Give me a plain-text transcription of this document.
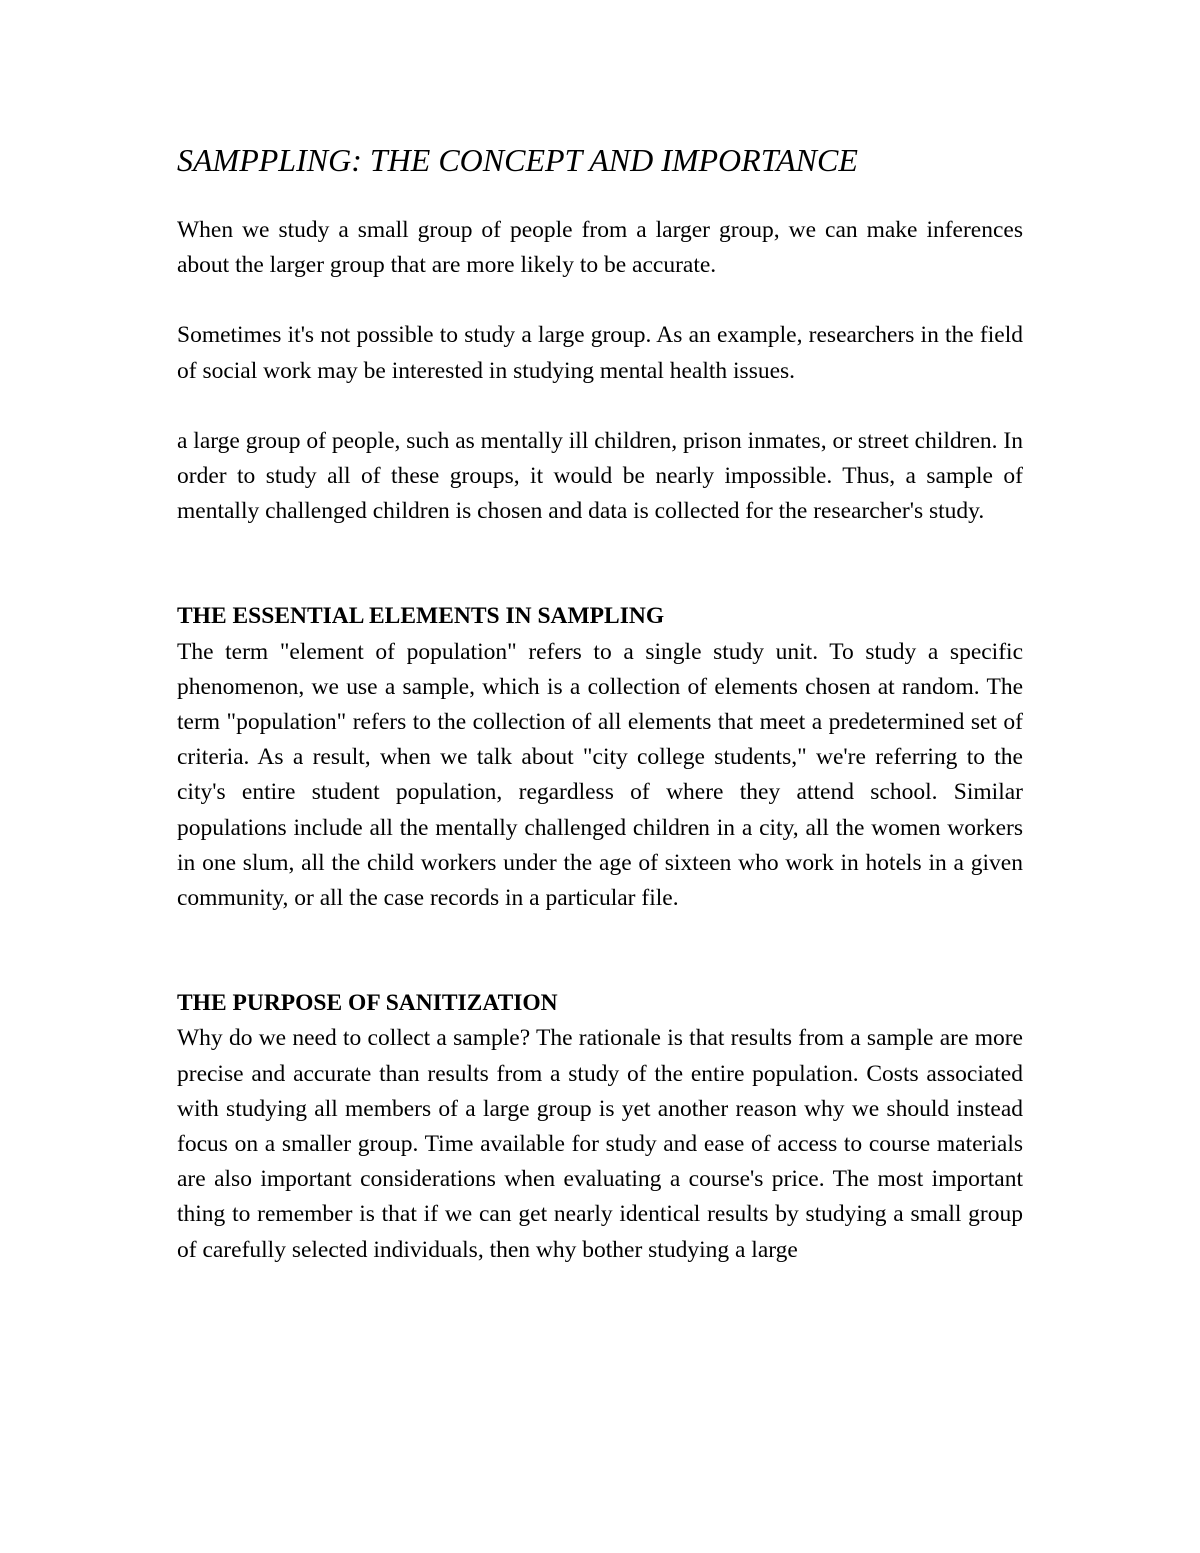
SAMPPLING: THE CONCEPT AND IMPORTANCE

When we study a small group of people from a larger group, we can make inferences about the larger group that are more likely to be accurate.

Sometimes it's not possible to study a large group. As an example, researchers in the field of social work may be interested in studying mental health issues.

a large group of people, such as mentally ill children, prison inmates, or street children. In order to study all of these groups, it would be nearly impossible. Thus, a sample of mentally challenged children is chosen and data is collected for the researcher's study.

THE ESSENTIAL ELEMENTS IN SAMPLING

The term "element of population" refers to a single study unit. To study a specific phenomenon, we use a sample, which is a collection of elements chosen at random. The term "population" refers to the collection of all elements that meet a predetermined set of criteria. As a result, when we talk about "city college students," we're referring to the city's entire student population, regardless of where they attend school. Similar populations include all the mentally challenged children in a city, all the women workers in one slum, all the child workers under the age of sixteen who work in hotels in a given community, or all the case records in a particular file.

THE PURPOSE OF SANITIZATION

Why do we need to collect a sample? The rationale is that results from a sample are more precise and accurate than results from a study of the entire population. Costs associated with studying all members of a large group is yet another reason why we should instead focus on a smaller group. Time available for study and ease of access to course materials are also important considerations when evaluating a course's price. The most important thing to remember is that if we can get nearly identical results by studying a small group of carefully selected individuals, then why bother studying a large
